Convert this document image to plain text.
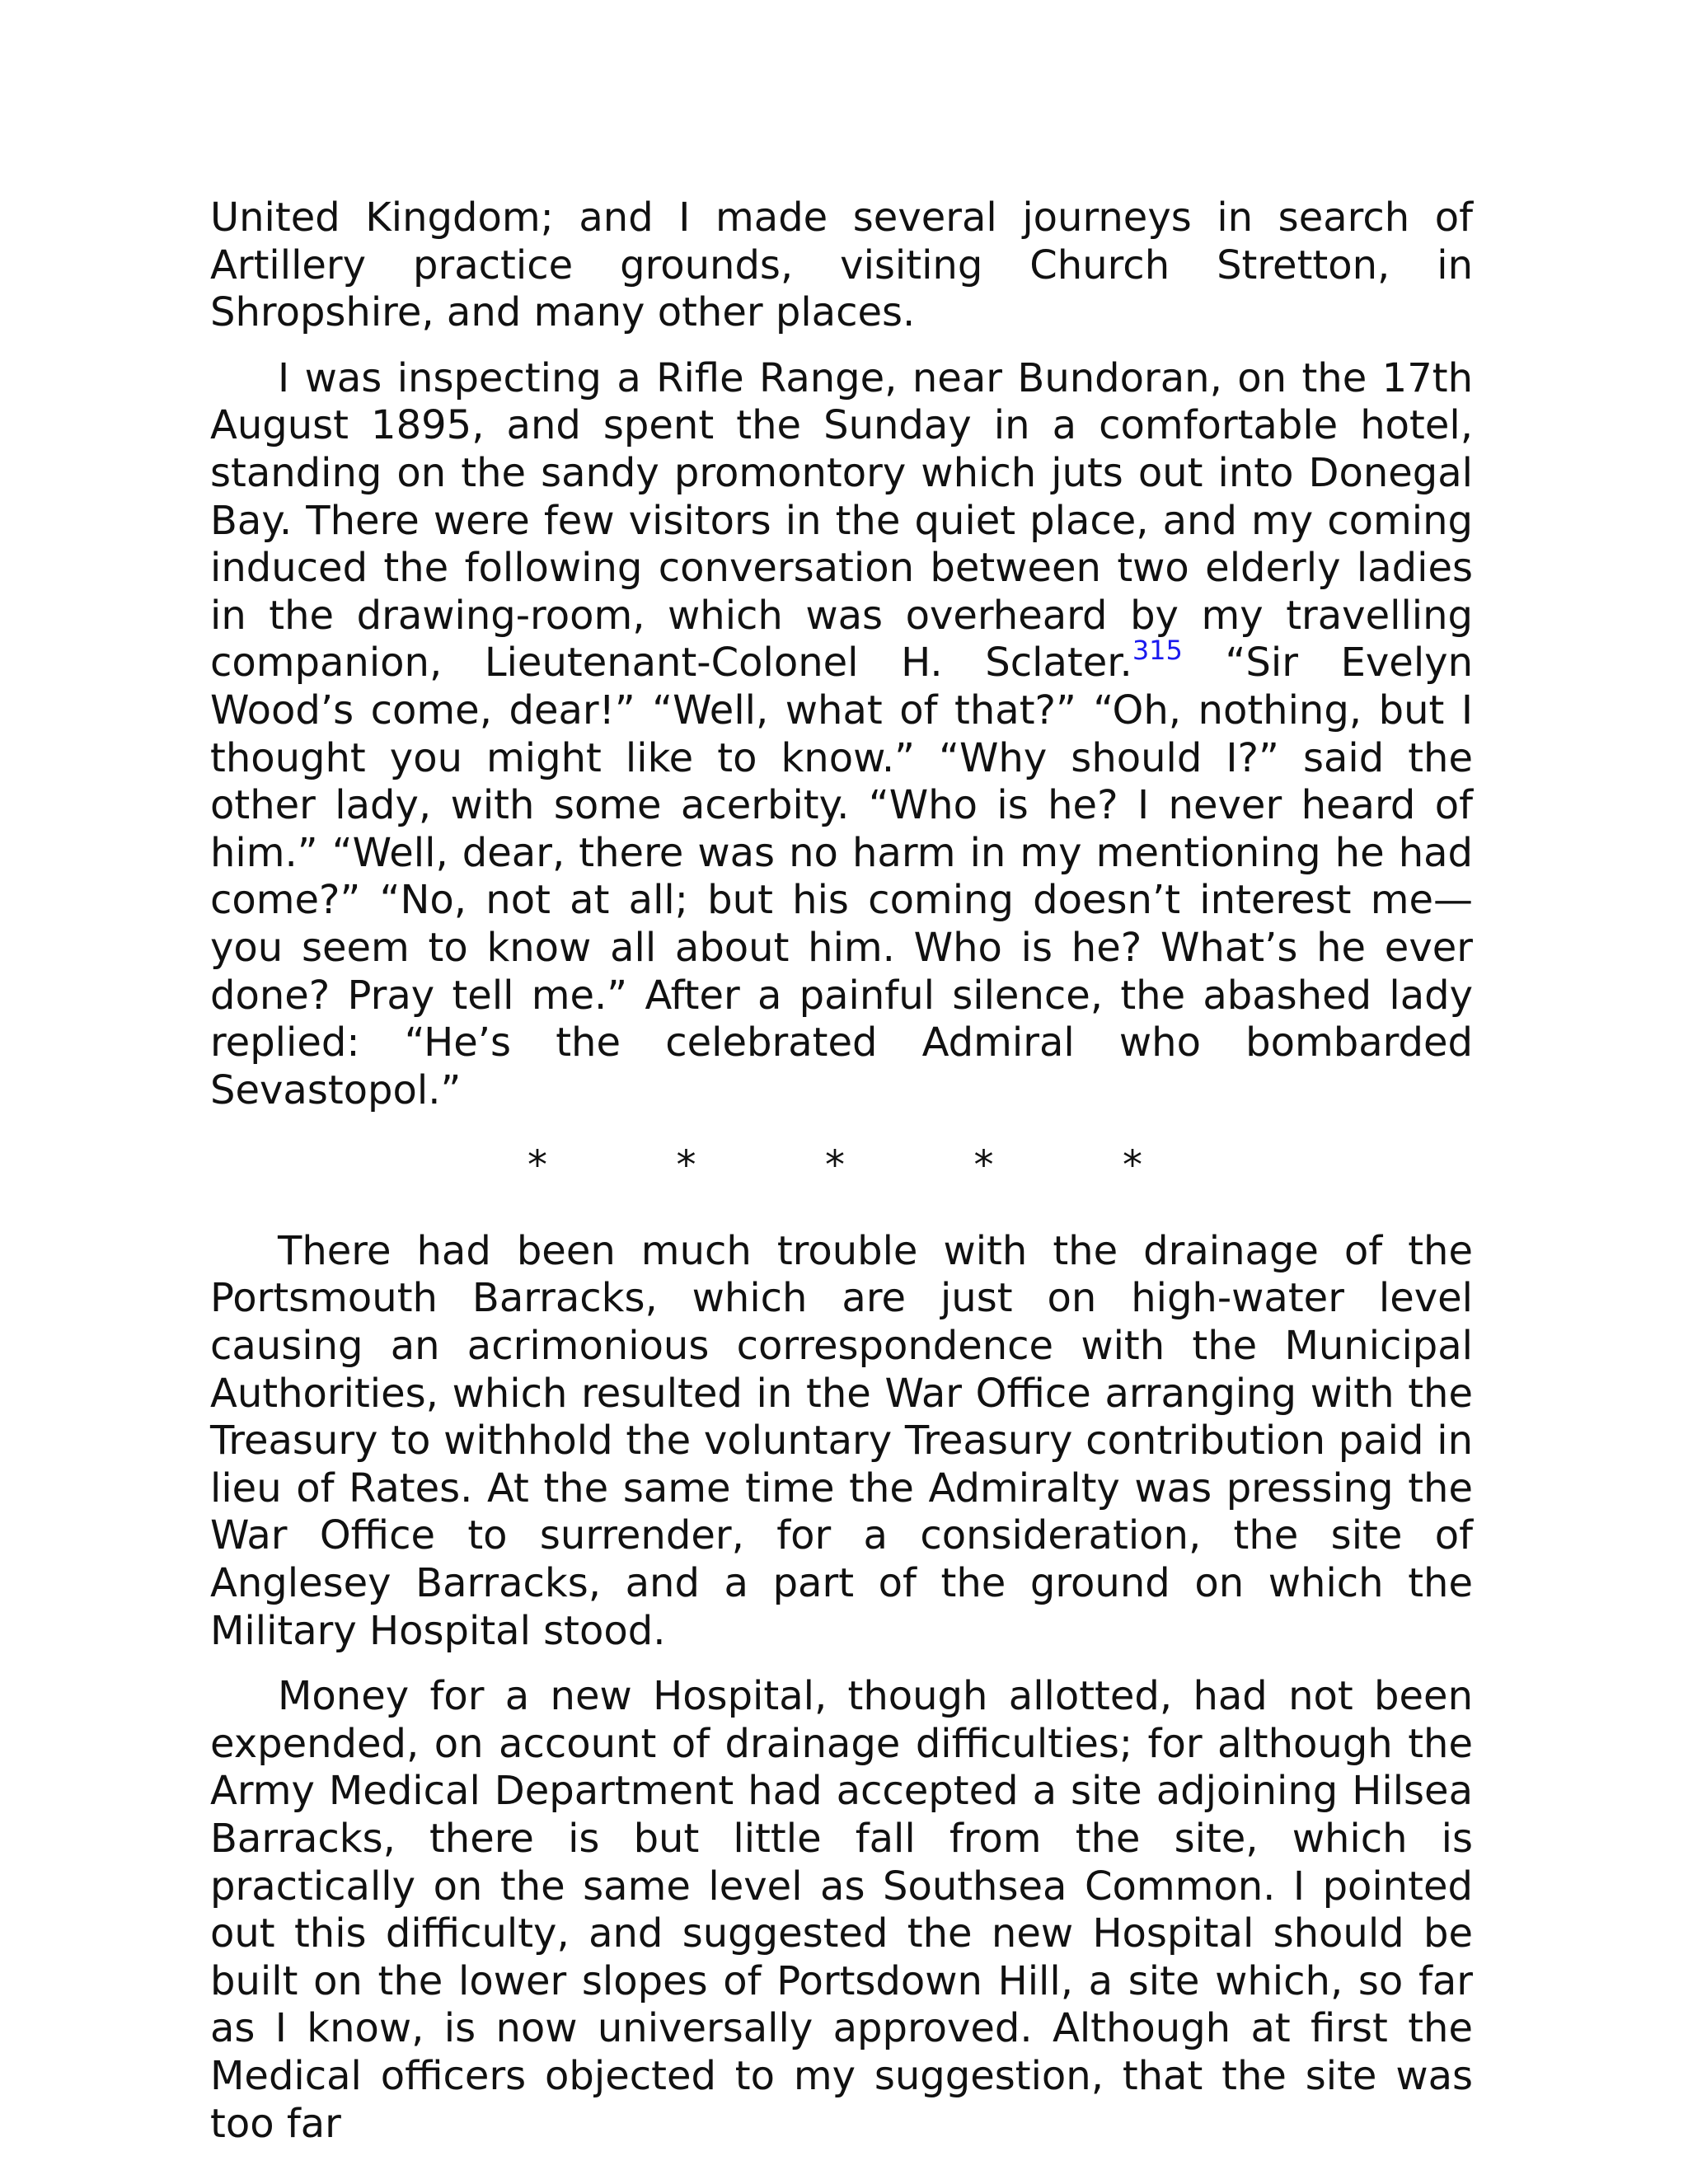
United Kingdom; and I made several journeys in search of Artillery practice grounds, visiting Church Stretton, in Shropshire, and many other places.

I was inspecting a Rifle Range, near Bundoran, on the 17th August 1895, and spent the Sunday in a comfortable hotel, standing on the sandy promontory which juts out into Donegal Bay. There were few visitors in the quiet place, and my coming induced the following conversation between two elderly ladies in the drawing-room, which was overheard by my travelling companion, Lieutenant-Colonel H. Sclater.$^{315}$ “Sir Evelyn Wood’s come, dear!” “Well, what of that?” “Oh, nothing, but I thought you might like to know.” “Why should I?” said the other lady, with some acerbity. “Who is he? I never heard of him.” “Well, dear, there was no harm in my mentioning he had come?” “No, not at all; but his coming doesn’t interest me—you seem to know all about him. Who is he? What’s he ever done? Pray tell me.” After a painful silence, the abashed lady replied: “He’s the celebrated Admiral who bombarded Sevastopol.”

*	*	*	*	*

There had been much trouble with the drainage of the Portsmouth Barracks, which are just on high-water level causing an acrimonious correspondence with the Municipal Authorities, which resulted in the War Office arranging with the Treasury to withhold the voluntary Treasury contribution paid in lieu of Rates. At the same time the Admiralty was pressing the War Office to surrender, for a consideration, the site of Anglesey Barracks, and a part of the ground on which the Military Hospital stood.

Money for a new Hospital, though allotted, had not been expended, on account of drainage difficulties; for although the Army Medical Department had accepted a site adjoining Hilsea Barracks, there is but little fall from the site, which is practically on the same level as Southsea Common. I pointed out this difficulty, and suggested the new Hospital should be built on the lower slopes of Portsdown Hill, a site which, so far as I know, is now universally approved. Although at first the Medical officers objected to my suggestion, that the site was too far
